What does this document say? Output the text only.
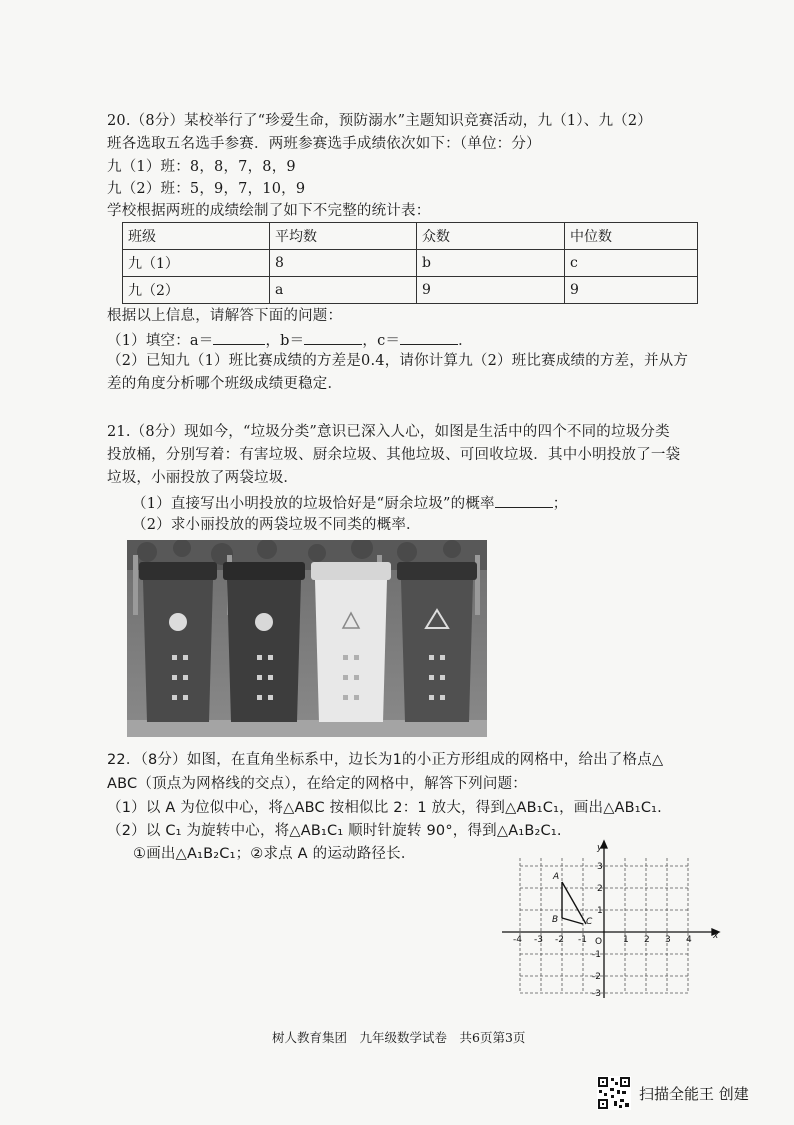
20.（8分）某校举行了“珍爱生命，预防溺水”主题知识竞赛活动，九（1）、九（2）
班各选取五名选手参赛．两班参赛选手成绩依次如下：（单位：分）
九（1）班：8，8，7，8，9
九（2）班：5，9，7，10，9
学校根据两班的成绩绘制了如下不完整的统计表：
班级	平均数	众数	中位数
九（1）	8	b	c
九（2）	a	9	9
根据以上信息，请解答下面的问题：
（1）填空：a＝	，b＝	，c＝	．
（2）已知九（1）班比赛成绩的方差是0.4，请你计算九（2）班比赛成绩的方差，并从方
差的角度分析哪个班级成绩更稳定．
21.（8分）现如今，“垃圾分类”意识已深入人心，如图是生活中的四个不同的垃圾分类
投放桶，分别写着：有害垃圾、厨余垃圾、其他垃圾、可回收垃圾．其中小明投放了一袋
垃圾，小丽投放了两袋垃圾．
（1）直接写出小明投放的垃圾恰好是“厨余垃圾”的概率	；
（2）求小丽投放的两袋垃圾不同类的概率．
22．（8分）如图，在直角坐标系中，边长为1的小正方形组成的网格中，给出了格点△
ABC（顶点为网格线的交点），在给定的网格中，解答下列问题：
（1）以 A 为位似中心，将△ABC 按相似比 2：1 放大，得到△AB₁C₁，画出△AB₁C₁.
（2）以 C₁ 为旋转中心，将△AB₁C₁ 顺时针旋转 90°，得到△A₁B₂C₁.
①画出△A₁B₂C₁；②求点 A 的运动路径长．	y
x
O
-4 -3 -2 -1	1 2 3 4
3
2
1
-1
-2
-3
A
B	C
树人教育集团　九年级数学试卷　共6页第3页
扫描全能王 创建
